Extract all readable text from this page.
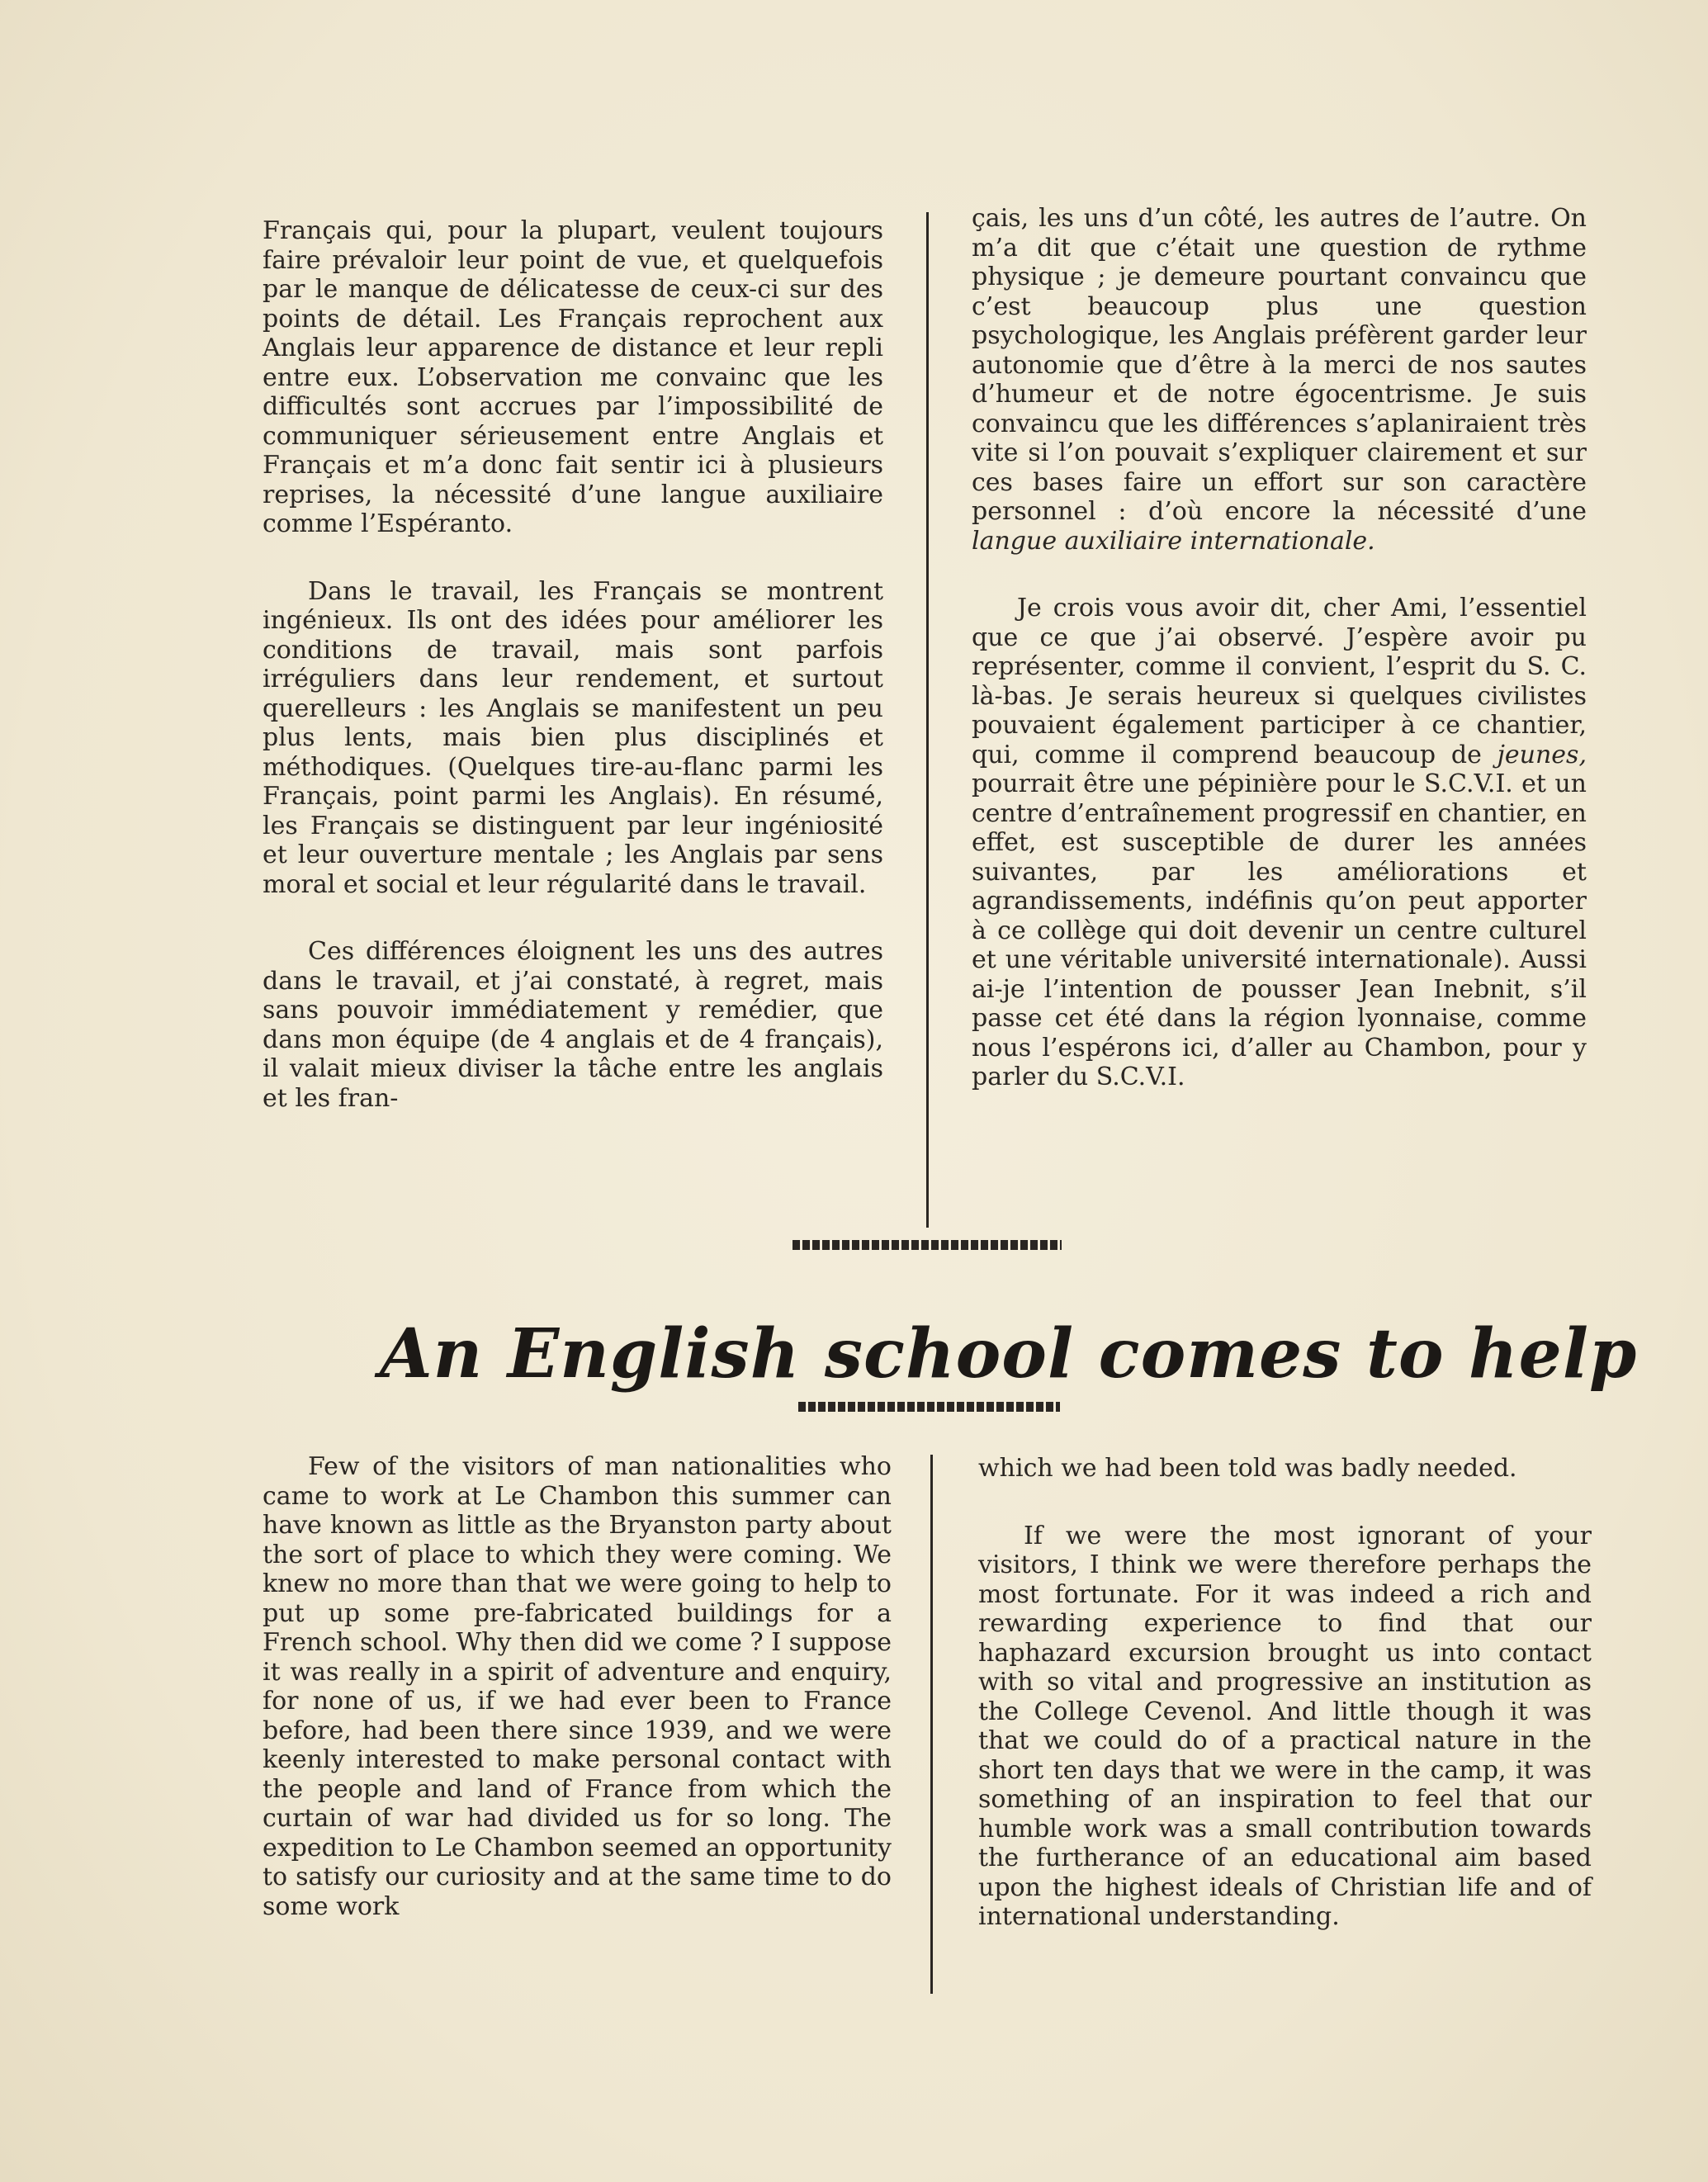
Français qui, pour la plupart, veulent toujours faire prévaloir leur point de vue, et quelquefois par le manque de délicatesse de ceux-ci sur des points de détail. Les Français reprochent aux Anglais leur apparence de distance et leur repli entre eux. L’observation me convainc que les difficultés sont accrues par l’impossibilité de communiquer sérieusement entre Anglais et Français et m’a donc fait sentir ici à plusieurs reprises, la nécessité d’une langue auxiliaire comme l’Espéranto.

Dans le travail, les Français se montrent ingénieux. Ils ont des idées pour améliorer les conditions de travail, mais sont parfois irréguliers dans leur rendement, et surtout querelleurs : les Anglais se manifestent un peu plus lents, mais bien plus disciplinés et méthodiques. (Quelques tire-au-flanc parmi les Français, point parmi les Anglais). En résumé, les Français se distinguent par leur ingéniosité et leur ouverture mentale ; les Anglais par sens moral et social et leur régularité dans le travail.

Ces différences éloignent les uns des autres dans le travail, et j’ai constaté, à regret, mais sans pouvoir immédiatement y remédier, que dans mon équipe (de 4 anglais et de 4 français), il valait mieux diviser la tâche entre les anglais et les fran-

çais, les uns d’un côté, les autres de l’autre. On m’a dit que c’était une question de rythme physique ; je demeure pourtant convaincu que c’est beaucoup plus une question psychologique, les Anglais préfèrent garder leur autonomie que d’être à la merci de nos sautes d’humeur et de notre égocentrisme. Je suis convaincu que les différences s’aplaniraient très vite si l’on pouvait s’expliquer clairement et sur ces bases faire un effort sur son caractère personnel : d’où encore la nécessité d’une langue auxiliaire internationale.

Je crois vous avoir dit, cher Ami, l’essentiel que ce que j’ai observé. J’espère avoir pu représenter, comme il convient, l’esprit du S. C. là-bas. Je serais heureux si quelques civilistes pouvaient également participer à ce chantier, qui, comme il comprend beaucoup de jeunes, pourrait être une pépinière pour le S.C.V.I. et un centre d’entraînement progressif en chantier, en effet, est susceptible de durer les années suivantes, par les améliorations et agrandissements, indéfinis qu’on peut apporter à ce collège qui doit devenir un centre culturel et une véritable université internationale). Aussi ai-je l’intention de pousser Jean Inebnit, s’il passe cet été dans la région lyonnaise, comme nous l’espérons ici, d’aller au Chambon, pour y parler du S.C.V.I.

An English school comes to help

Few of the visitors of man nationalities who came to work at Le Chambon this summer can have known as little as the Bryanston party about the sort of place to which they were coming. We knew no more than that we were going to help to put up some pre-fabricated buildings for a French school. Why then did we come ? I suppose it was really in a spirit of adventure and enquiry, for none of us, if we had ever been to France before, had been there since 1939, and we were keenly interested to make personal contact with the people and land of France from which the curtain of war had divided us for so long. The expedition to Le Chambon seemed an opportunity to satisfy our curiosity and at the same time to do some work

which we had been told was badly needed.

If we were the most ignorant of your visitors, I think we were therefore perhaps the most fortunate. For it was indeed a rich and rewarding experience to find that our haphazard excursion brought us into contact with so vital and progressive an institution as the College Cevenol. And little though it was that we could do of a practical nature in the short ten days that we were in the camp, it was something of an inspiration to feel that our humble work was a small contribution towards the furtherance of an educational aim based upon the highest ideals of Christian life and of international understanding.
